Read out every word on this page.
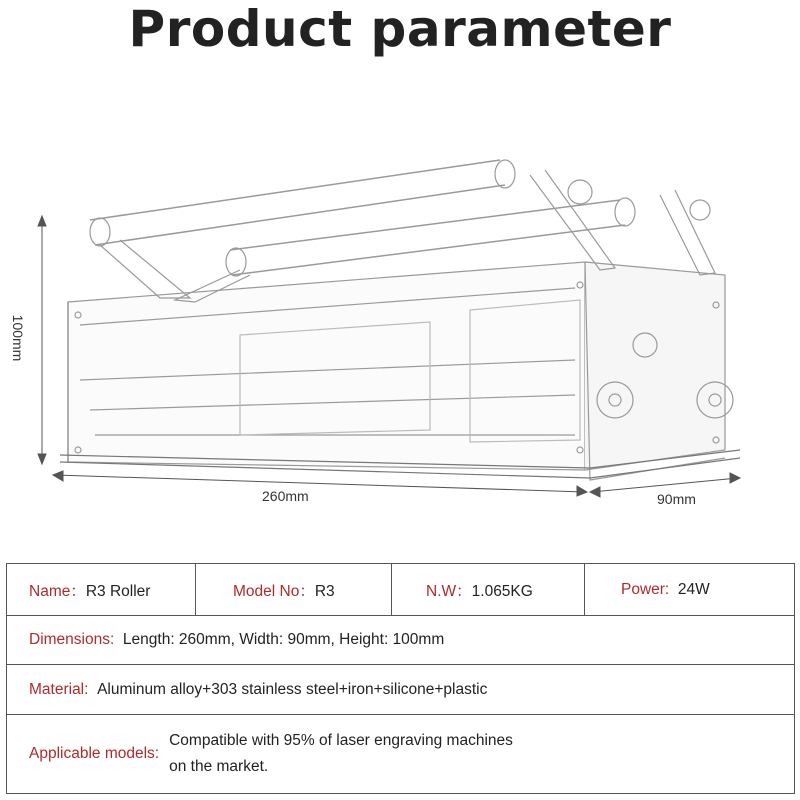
Product parameter
100mm
260mm	90mm
Name：R3 Roller	Model No：R3	N.W：1.065KG	Power: 24W
Dimensions: Length: 260mm, Width: 90mm, Height: 100mm
Material: Aluminum alloy+303 stainless steel+iron+silicone+plastic
Applicable models:Compatible with 95% of laser engraving machines
on the market.
